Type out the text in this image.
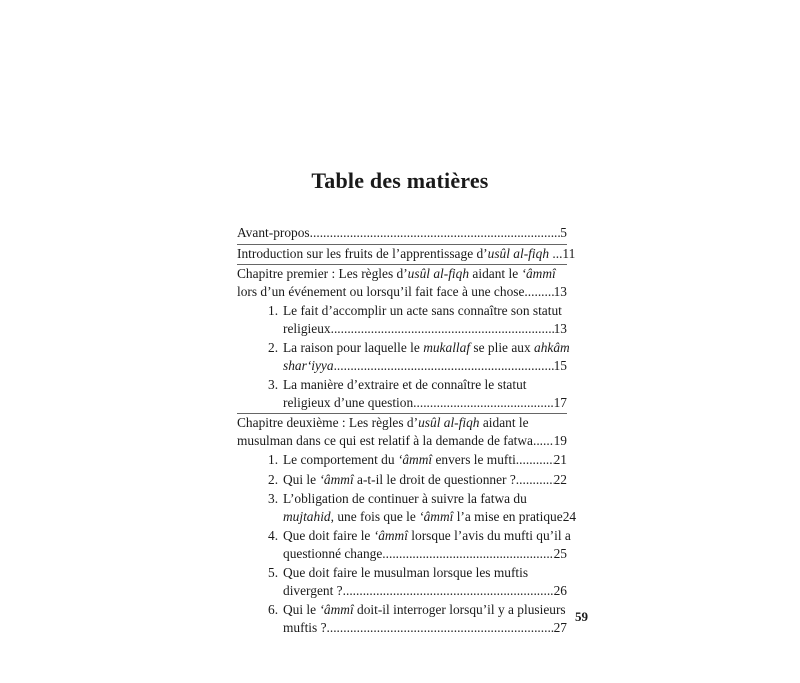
Table des matières
Avant-propos .....	5
Introduction sur les fruits de l’apprentissage d’usûl al-fiqh ... 11
Chapitre premier : Les règles d’usûl al-fiqh aidant le ‘âmmî
lors d’un événement ou lorsqu’il fait face à une chose ..... 13
1. Le fait d’accomplir un acte sans connaître son statut
religieux .....	13
2. La raison pour laquelle le mukallaf se plie aux ahkâm
shar‘iyya .....	15
3. La manière d’extraire et de connaître le statut
religieux d’une question .....	17
Chapitre deuxième : Les règles d’usûl al-fiqh aidant le
musulman dans ce qui est relatif à la demande de fatwa ..... 19
1. Le comportement du ‘âmmî envers le mufti .....	21
2. Qui le ‘âmmî a-t-il le droit de questionner ? .....	22
3. L’obligation de continuer à suivre la fatwa du
mujtahid, une fois que le ‘âmmî l’a mise en pratique 24
4. Que doit faire le ‘âmmî lorsque l’avis du mufti qu’il a
questionné change .....	25
5. Que doit faire le musulman lorsque les muftis
divergent ? .....	26
6. Qui le ‘âmmî doit-il interroger lorsqu’il y a plusieurs
muftis ? .....	27
59
